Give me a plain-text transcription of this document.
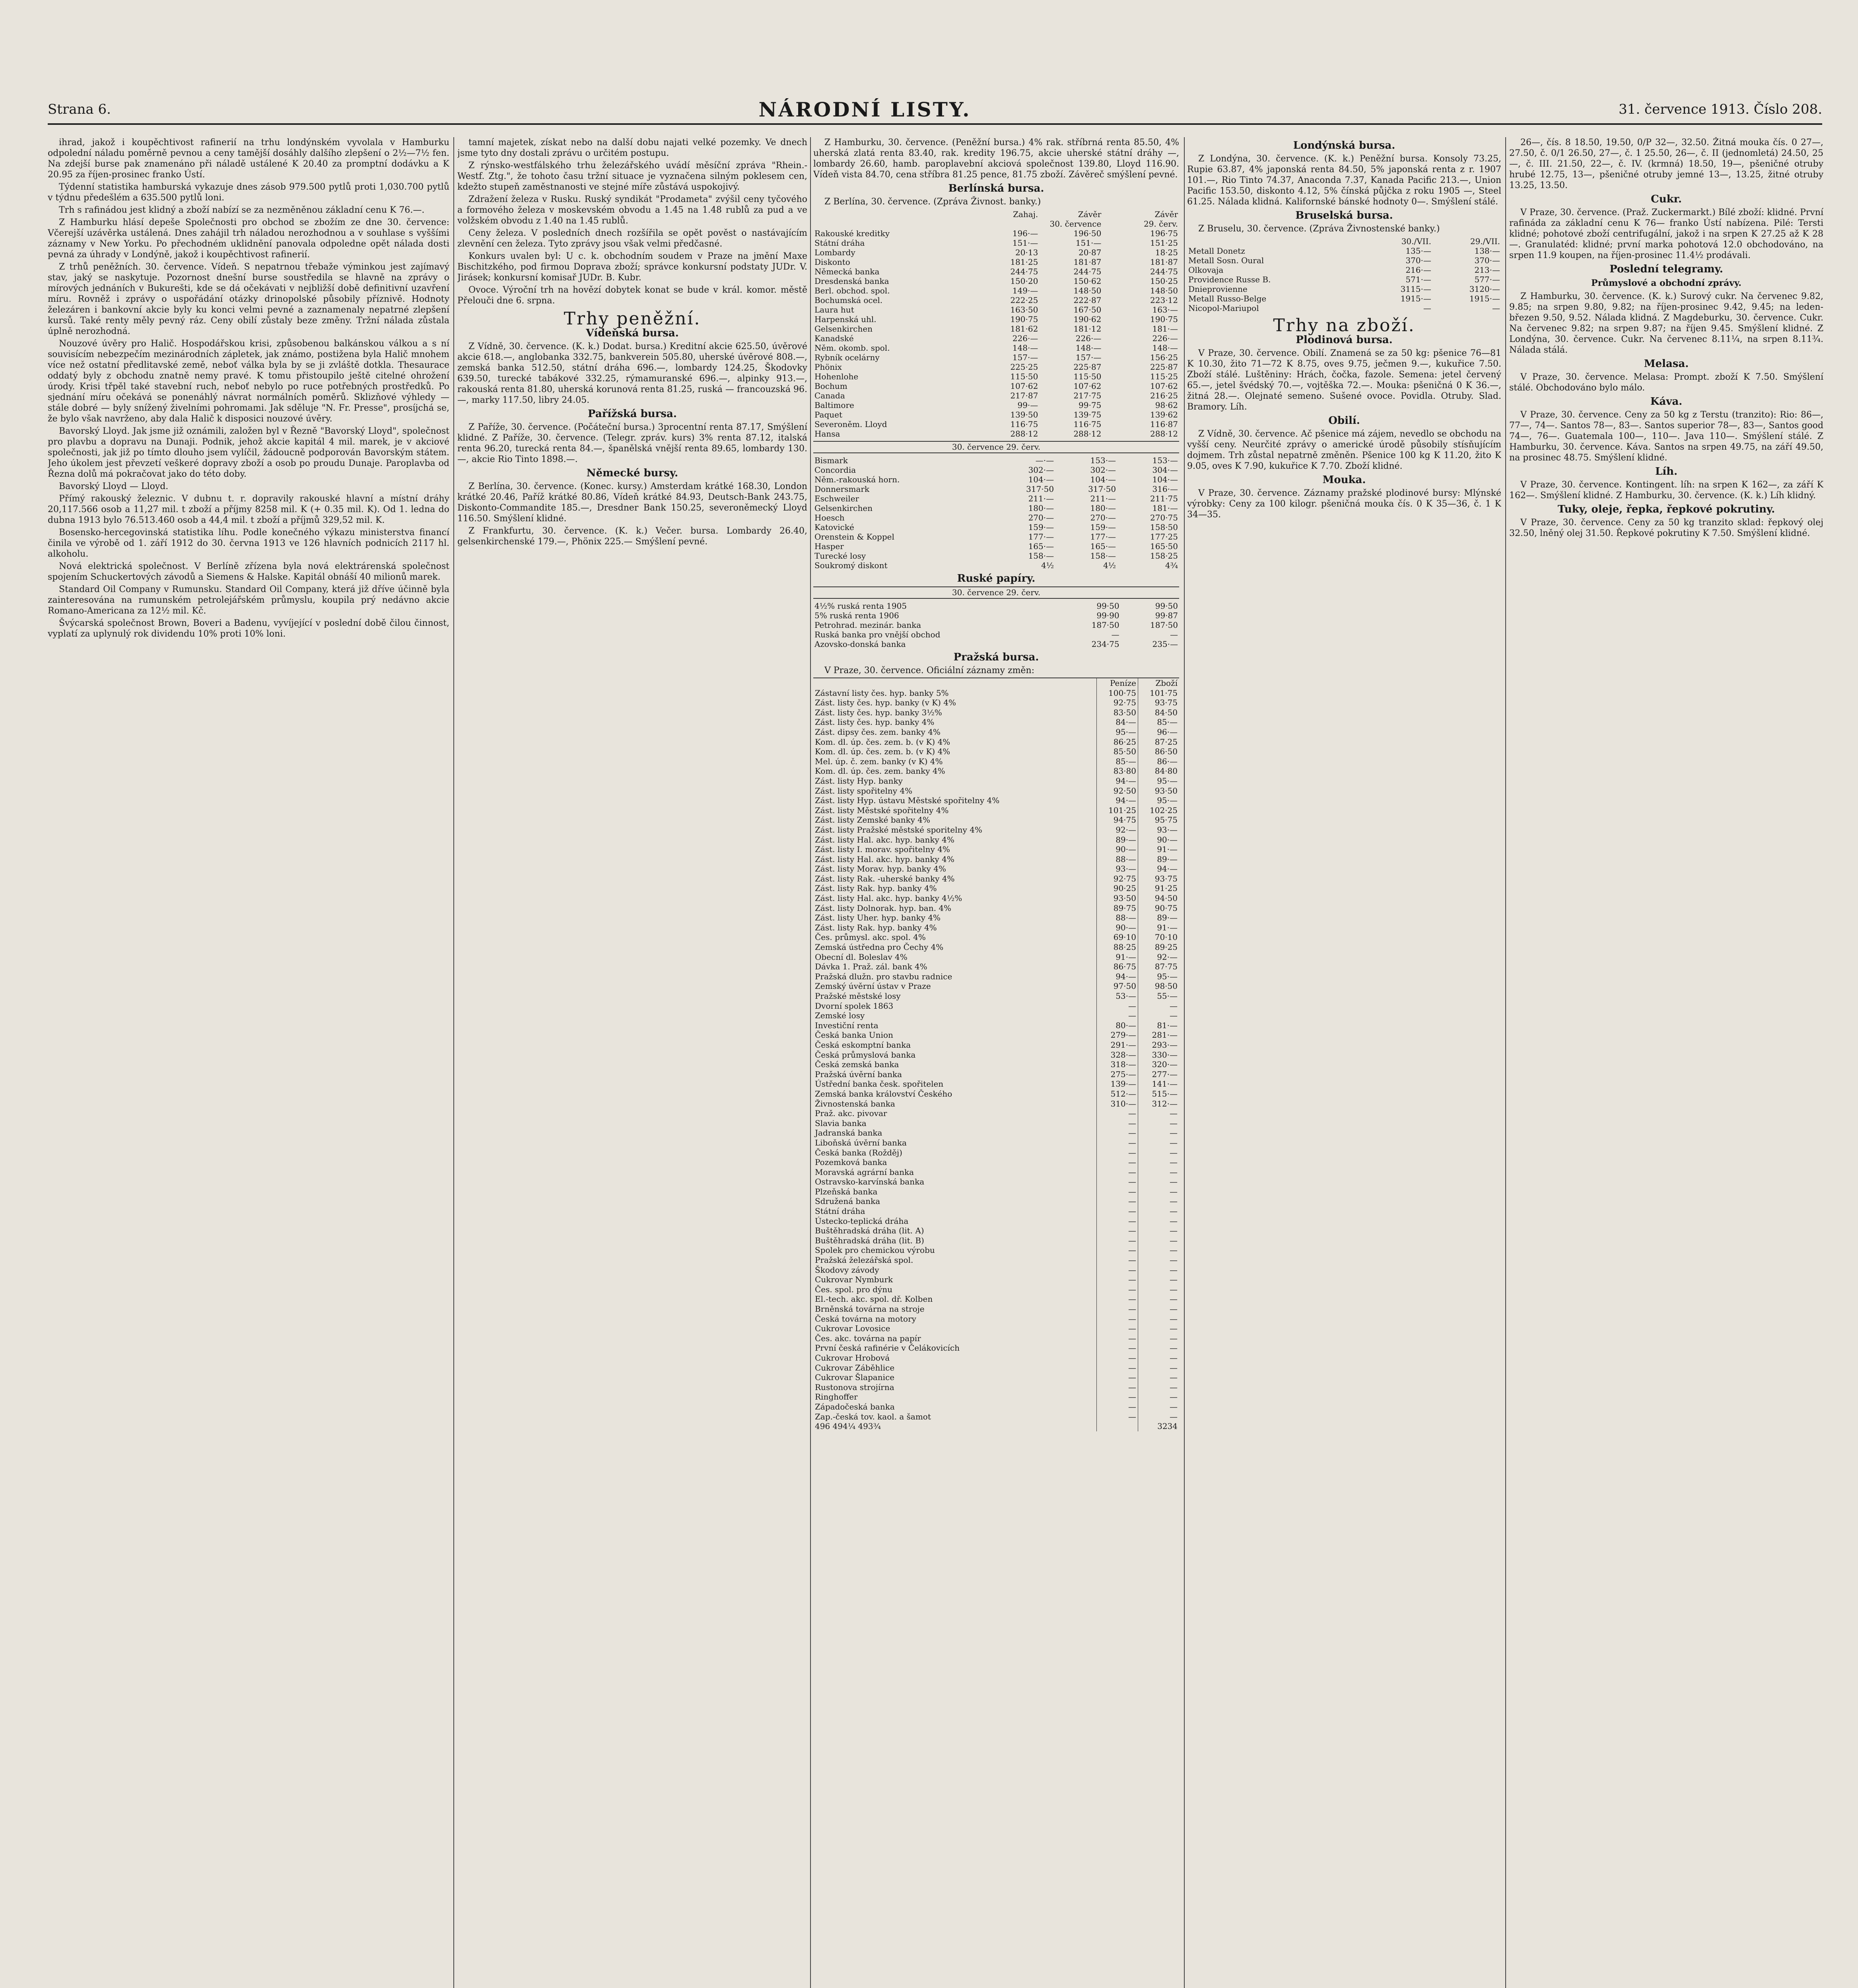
Strana 6.	NÁRODNÍ LISTY.	31. července 1913. Číslo 208.

ihrad, jakož i koupěchtivost rafinerií na trhu londýnském vyvolala v Hamburku odpolední náladu poměrně pevnou a ceny tamější dosáhly dalšího zlepšení o 2½—7½ fen. Na zdejší burse pak znamenáno při náladě ustálené K 20.40 za promptní dodávku a K 20.95 za říjen-prosinec franko Ústí.

Týdenní statistika hamburská vykazuje dnes zásob 979.500 pytlů proti 1,030.700 pytlů v týdnu předešlém a 635.500 pytlů loni.

Trh s rafinádou jest klidný a zboží nabízí se za nezměněnou základní cenu K 76.—.

Z Hamburku hlásí depeše Společnosti pro obchod se zbožím ze dne 30. července: Včerejší uzávěrka ustálená. Dnes zahájil trh náladou nerozhodnou a v souhlase s vyššími záznamy v New Yorku. Po přechodném uklidnění panovala odpoledne opět nálada dosti pevná za úhrady v Londýně, jakož i koupěchtivost rafinerií.

Z trhů peněžních. 30. července. Vídeň. S nepatrnou třebaže výminkou jest zajímavý stav, jaký se naskytuje. Pozornost dnešní burse soustředila se hlavně na zprávy o mírových jednáních v Bukurešti, kde se dá očekávati v nejbližší době definitivní uzavření míru. Rovněž i zprávy o uspořádání otázky drinopolské působily příznivě. Hodnoty železáren i bankovní akcie byly ku konci velmi pevné a zaznamenaly nepatrné zlepšení kursů. Také renty měly pevný ráz. Ceny obilí zůstaly beze změny. Tržní nálada zůstala úplně nerozhodná.

Nouzové úvěry pro Halič. Hospodářskou krisi, způsobenou balkánskou válkou a s ní souvisícím nebezpečím mezinárodních zápletek, jak známo, postižena byla Halič mnohem více než ostatní předlitavské země, neboť válka byla by se ji zvláště dotkla. Thesaurace oddatý byly z obchodu znatně nemy pravé. K tomu přistoupilo ještě citelné ohrožení úrody. Krisi třpěl také stavební ruch, neboť nebylo po ruce potřebných prostředků. Po sjednání míru očekává se ponenáhlý návrat normálních poměrů. Sklizňové výhledy — stále dobré — byly snížený živelními pohromami. Jak sděluje "N. Fr. Presse", prosíjchá se, že bylo však navrženo, aby dala Halič k disposici nouzové úvěry.

Bavorský Lloyd. Jak jsme již oznámili, založen byl v Řezně "Bavorský Lloyd", společnost pro plavbu a dopravu na Dunaji. Podnik, jehož akcie kapitál 4 mil. marek, je v akciové společnosti, jak již po tímto dlouho jsem vylíčil, žádoucně podporován Bavorským státem. Jeho úkolem jest převzetí veškeré dopravy zboží a osob po proudu Dunaje. Paroplavba od Řezna dolů má pokračovat jako do této doby.

Bavorský Lloyd — Lloyd.

Přímý rakouský železnic. V dubnu t. r. dopravily rakouské hlavní a místní dráhy 20,117.566 osob a 11,27 mil. t zboží a příjmy 8258 mil. K (+ 0.35 mil. K). Od 1. ledna do dubna 1913 bylo 76.513.460 osob a 44,4 mil. t zboží a příjmů 329,52 mil. K.

Bosensko-hercegovinská statistika líhu. Podle konečného výkazu ministerstva financí činila ve výrobě od 1. září 1912 do 30. června 1913 ve 126 hlavních podnicích 2117 hl. alkoholu.

Nová elektrická společnost. V Berlíně zřízena byla nová elektrárenská společnost spojením Schuckertových závodů a Siemens & Halske. Kapitál obnáší 40 milionů marek.

Standard Oil Company v Rumunsku. Standard Oil Company, která již dříve účinně byla zainteresována na rumunském petrolejářském průmyslu, koupila prý nedávno akcie Romano-Americana za 12½ mil. Kč.

Švýcarská společnost Brown, Boveri a Badenu, vyvíjející v poslední době čilou činnost, vyplatí za uplynulý rok dividendu 10% proti 10% loni.

tamní majetek, získat nebo na další dobu najati velké pozemky. Ve dnech jsme tyto dny dostali zprávu o určitém postupu.

Z rýnsko-westfálského trhu železářského uvádí měsíční zpráva "Rhein.-Westf. Ztg.", že tohoto času tržní situace je vyznačena silným poklesem cen, kdežto stupeň zaměstnanosti ve stejné míře zůstává uspokojivý.

Zdražení železa v Rusku. Ruský syndikát "Prodameta" zvýšil ceny tyčového a formového železa v moskevském obvodu a 1.45 na 1.48 rublů za pud a ve volžském obvodu z 1.40 na 1.45 rublů.

Ceny železa. V posledních dnech rozšířila se opět pověst o nastávajícím zlevnění cen železa. Tyto zprávy jsou však velmi předčasné.

Konkurs uvalen byl: U c. k. obchodním soudem v Praze na jmění Maxe Bischitzkého, pod firmou Doprava zboží; správce konkursní podstaty JUDr. V. Jirásek; konkursní komisař JUDr. B. Kubr.

Ovoce. Výroční trh na hovězí dobytek konat se bude v král. komor. městě Přelouči dne 6. srpna.

Trhy peněžní.
Vídeňská bursa.

Z Vídně, 30. července. (K. k.) Dodat. bursa.) Kreditní akcie 625.50, úvěrové akcie 618.—, anglobanka 332.75, bankverein 505.80, uherské úvěrové 808.—, zemská banka 512.50, státní dráha 696.—, lombardy 124.25, Škodovky 639.50, turecké tabákové 332.25, rýmamuranské 696.—, alpinky 913.—, rakouská renta 81.80, uherská korunová renta 81.25, ruská — francouzská 96.—, marky 117.50, libry 24.05.

Pařížská bursa.

Z Paříže, 30. července. (Počáteční bursa.) 3procentní renta 87.17, Smýšlení klidné. Z Paříže, 30. července. (Telegr. zpráv. kurs) 3% renta 87.12, italská renta 96.20, turecká renta 84.—, španělská vnější renta 89.65, lombardy 130.—, akcie Rio Tinto 1898.—.

Německé bursy.

Z Berlína, 30. července. (Konec. kursy.) Amsterdam krátké 168.30, London krátké 20.46, Paříž krátké 80.86, Vídeň krátké 84.93, Deutsch-Bank 243.75, Diskonto-Commandite 185.—, Dresdner Bank 150.25, severoněmecký Lloyd 116.50. Smýšlení klidné.

Z Frankfurtu, 30. července. (K. k.) Večer. bursa. Lombardy 26.40, gelsenkirchenské 179.—, Phönix 225.— Smýšlení pevné.

Z Hamburku, 30. července. (Peněžní bursa.) 4% rak. stříbrná renta 85.50, 4% uherská zlatá renta 83.40, rak. kredity 196.75, akcie uherské státní dráhy —, lombardy 26.60, hamb. paroplavební akciová společnost 139.80, Lloyd 116.90. Vídeň vista 84.70, cena stříbra 81.25 pence, 81.75 zboží. Závěreč smýšlení pevné.

Berlínská bursa.

Z Berlína, 30. července. (Zpráva Živnost. banky.)

	Zahaj.	Závěr	Závěr
	30. července		29. červ.
Rakouské kreditky	196·—	196·50	196·75
Státní dráha	151·—	151·—	151·25
Lombardy	20·13	20·87	18·25
Diskonto	181·25	181·87	181·87
Německá banka	244·75	244·75	244·75
Dresdenská banka	150·20	150·62	150·25
Berl. obchod. spol.	149·—	148·50	148·50
Bochumská ocel.	222·25	222·87	223·12
Laura hut	163·50	167·50	163·—
Harpenská uhl.	190·75	190·62	190·75
Gelsenkirchen	181·62	181·12	181·—
Kanadské	226·—	226·—	226·—
Něm. okomb. spol.	148·—	148·—	148·—
Rybník ocelárny	157·—	157·—	156·25
Phönix	225·25	225·87	225·87
Hohenlohe	115·50	115·50	115·25
Bochum	107·62	107·62	107·62
Canada	217·87	217·75	216·25
Baltimore	99·—	99·75	98·62
Paquet	139·50	139·75	139·62
Severoněm. Lloyd	116·75	116·75	116·87
Hansa	288·12	288·12	288·12
30. července 29. červ.
Bismark	—·—	153·—	153·—
Concordia	302·—	302·—	304·—
Něm.-rakouská horn.	104·—	104·—	104·—
Donnersmark	317·50	317·50	316·—
Eschweiler	211·—	211·—	211·75
Gelsenkirchen	180·—	180·—	181·—
Hoesch	270·—	270·—	270·75
Katovické	159·—	159·—	158·50
Orenstein & Koppel	177·—	177·—	177·25
Hasper	165·—	165·—	165·50
Turecké losy	158·—	158·—	158·25
Soukromý diskont	4½	4½	4¾
Ruské papíry.
30. července 29. červ.
4½% ruská renta 1905	99·50	99·50
5% ruská renta 1906	99·90	99·87
Petrohrad. mezinár. banka	187·50	187·50
Ruská banka pro vnější obchod	—	—
Azovsko-donská banka	234·75	235·—
Pražská bursa.

V Praze, 30. července. Oficiální záznamy změn:

	Peníze	Zboží
Zástavní listy čes. hyp. banky 5%	100·75	101·75
Zást. listy čes. hyp. banky (v K) 4%	92·75	93·75
Zást. listy čes. hyp. banky 3½%	83·50	84·50
Zást. listy čes. hyp. banky 4%	84·—	85·—
Zást. dipsy čes. zem. banky 4%	95·—	96·—
Kom. dl. úp. čes. zem. b. (v K) 4%	86·25	87·25
Kom. dl. úp. čes. zem. b. (v K) 4%	85·50	86·50
Mel. úp. č. zem. banky (v K) 4%	85·—	86·—
Kom. dl. úp. čes. zem. banky 4%	83·80	84·80
Zást. listy Hyp. banky	94·—	95·—
Zást. listy spořitelny 4%	92·50	93·50
Zást. listy Hyp. ústavu Městské spořitelny 4%	94·—	95·—
Zást. listy Městské spořitelny 4%	101·25	102·25
Zást. listy Zemské banky 4%	94·75	95·75
Zást. listy Pražské městské sporitelny 4%	92·—	93·—
Zást. listy Hal. akc. hyp. banky 4%	89·—	90·—
Zást. listy I. morav. spořitelny 4%	90·—	91·—
Zást. listy Hal. akc. hyp. banky 4%	88·—	89·—
Zást. listy Morav. hyp. banky 4%	93·—	94·—
Zást. listy Rak. -uherské banky 4%	92·75	93·75
Zást. listy Rak. hyp. banky 4%	90·25	91·25
Zást. listy Hal. akc. hyp. banky 4½%	93·50	94·50
Zást. listy Dolnorak. hyp. ban. 4%	89·75	90·75
Zást. listy Uher. hyp. banky 4%	88·—	89·—
Zást. listy Rak. hyp. banky 4%	90·—	91·—
Čes. průmysl. akc. spol. 4%	69·10	70·10
Zemská ústředna pro Čechy 4%	88·25	89·25
Obecní dl. Boleslav 4%	91·—	92·—
Dávka 1. Praž. zál. bank 4%	86·75	87·75
Pražská dlužn. pro stavbu radnice	94·—	95·—
Zemský úvěrní ústav v Praze	97·50	98·50
Pražské městské losy	53·—	55·—
Dvorní spolek 1863	—	—
Zemské losy	—	—
Investiční renta	80·—	81·—
Česká banka Union	279·—	281·—
Česká eskomptní banka	291·—	293·—
Česká průmyslová banka	328·—	330·—
Česká zemská banka	318·—	320·—
Pražská úvěrní banka	275·—	277·—
Ústřední banka česk. spořitelen	139·—	141·—
Zemská banka království Českého	512·—	515·—
Živnostenská banka	310·—	312·—
Praž. akc. pivovar	—	—
Slavia banka	—	—
Jadranská banka	—	—
Liboňská úvěrní banka	—	—
Česká banka (Rožděj)	—	—
Pozemková banka	—	—
Moravská agrární banka	—	—
Ostravsko-karvínská banka	—	—
Plzeňská banka	—	—
Sdružená banka	—	—
Státní dráha	—	—
Ústecko-teplická dráha	—	—
Buštěhradská dráha (lit. A)	—	—
Buštěhradská dráha (lit. B)	—	—
Spolek pro chemickou výrobu	—	—
Pražská železářská spol.	—	—
Škodovy závody	—	—
Cukrovar Nymburk	—	—
Čes. spol. pro dýnu	—	—
El.-tech. akc. spol. dř. Kolben	—	—
Brněnská továrna na stroje	—	—
Česká továrna na motory	—	—
Cukrovar Lovosice	—	—
Čes. akc. továrna na papír	—	—
První česká rafinérie v Čelákovicích	—	—
Cukrovar Hrobová	—	—
Cukrovar Záběhlice	—	—
Cukrovar Šlapanice	—	—
Rustonova strojírna	—	—
Ringhoffer	—	—
Západočeská banka	—	—
Zap.-česká tov. kaol. a šamot	—	—
496 494¼ 493¾		3234
Londýnská bursa.

Z Londýna, 30. července. (K. k.) Peněžní bursa. Konsoly 73.25, Rupie 63.87, 4% japonská renta 84.50, 5% japonská renta z r. 1907 101.—, Rio Tinto 74.37, Anaconda 7.37, Kanada Pacific 213.—, Union Pacific 153.50, diskonto 4.12, 5% čínská půjčka z roku 1905 —, Steel 61.25. Nálada klidná. Kalifornské bánské hodnoty 0—. Smýšlení stálé.

Bruselská bursa.

Z Bruselu, 30. července. (Zpráva Živnostenské banky.)

	30./VII.	29./VII.
Metall Donetz	135·—	138·—
Metall Sosn. Oural	370·—	370·—
Olkovaja	216·—	213·—
Providence Russe B.	571·—	577·—
Dnieprovienne	3115·—	3120·—
Metall Russo-Belge	1915·—	1915·—
Nicopol-Mariupol	—	—
Trhy na zboží.
Plodinová bursa.

V Praze, 30. července. Obilí. Znamená se za 50 kg: pšenice 76—81 K 10.30, žito 71—72 K 8.75, oves 9.75, ječmen 9.—, kukuřice 7.50. Zboží stálé. Luštěniny: Hrách, čočka, fazole. Semena: jetel červený 65.—, jetel švédský 70.—, vojtěška 72.—. Mouka: pšeničná 0 K 36.—, žitná 28.—. Olejnaté semeno. Sušené ovoce. Povidla. Otruby. Slad. Bramory. Líh.

Obilí.

Z Vídně, 30. července. Ač pšenice má zájem, nevedlo se obchodu na vyšší ceny. Neurčité zprávy o americké úrodě působily stísňujícím dojmem. Trh zůstal nepatrně změněn. Pšenice 100 kg K 11.20, žito K 9.05, oves K 7.90, kukuřice K 7.70. Zboží klidné.

Mouka.

V Praze, 30. července. Záznamy pražské plodinové bursy: Mlýnské výrobky: Ceny za 100 kilogr. pšeničná mouka čís. 0 K 35—36, č. 1 K 34—35.

26—, čís. 8 18.50, 19.50, 0/P 32—, 32.50. Žitná mouka čís. 0 27—, 27.50, č. 0/1 26.50, 27—, č. 1 25.50, 26—, č. II (jednomletá) 24.50, 25—, č. III. 21.50, 22—, č. IV. (krmná) 18.50, 19—, pšeničné otruby hrubé 12.75, 13—, pšeničné otruby jemné 13—, 13.25, žitné otruby 13.25, 13.50.

Cukr.

V Praze, 30. července. (Praž. Zuckermarkt.) Bílé zboží: klidné. První rafináda za základní cenu K 76— franko Ústí nabízena. Pilé: Tersti klidné; pohotové zboží centrifugální, jakož i na srpen K 27.25 až K 28—. Granulatéd: klidné; první marka pohotová 12.0 obchodováno, na srpen 11.9 koupen, na říjen-prosinec 11.4½ prodávali.

Poslední telegramy.
Průmyslové a obchodní zprávy.

Z Hamburku, 30. července. (K. k.) Surový cukr. Na červenec 9.82, 9.85; na srpen 9.80, 9.82; na říjen-prosinec 9.42, 9.45; na leden-březen 9.50, 9.52. Nálada klidná. Z Magdeburku, 30. července. Cukr. Na červenec 9.82; na srpen 9.87; na říjen 9.45. Smýšlení klidné. Z Londýna, 30. července. Cukr. Na červenec 8.11¼, na srpen 8.11¾. Nálada stálá.

Melasa.

V Praze, 30. července. Melasa: Prompt. zboží K 7.50. Smýšlení stálé. Obchodováno bylo málo.

Káva.

V Praze, 30. července. Ceny za 50 kg z Terstu (tranzito): Rio: 86—, 77—, 74—. Santos 78—, 83—. Santos superior 78—, 83—, Santos good 74—, 76—. Guatemala 100—, 110—. Java 110—. Smýšlení stálé. Z Hamburku, 30. července. Káva. Santos na srpen 49.75, na září 49.50, na prosinec 48.75. Smýšlení klidné.

Líh.

V Praze, 30. července. Kontingent. líh: na srpen K 162—, za září K 162—. Smýšlení klidné. Z Hamburku, 30. července. (K. k.) Líh klidný.

Tuky, oleje, řepka, řepkové pokrutiny.

V Praze, 30. července. Ceny za 50 kg tranzito sklad: řepkový olej 32.50, lněný olej 31.50. Řepkové pokrutiny K 7.50. Smýšlení klidné.
